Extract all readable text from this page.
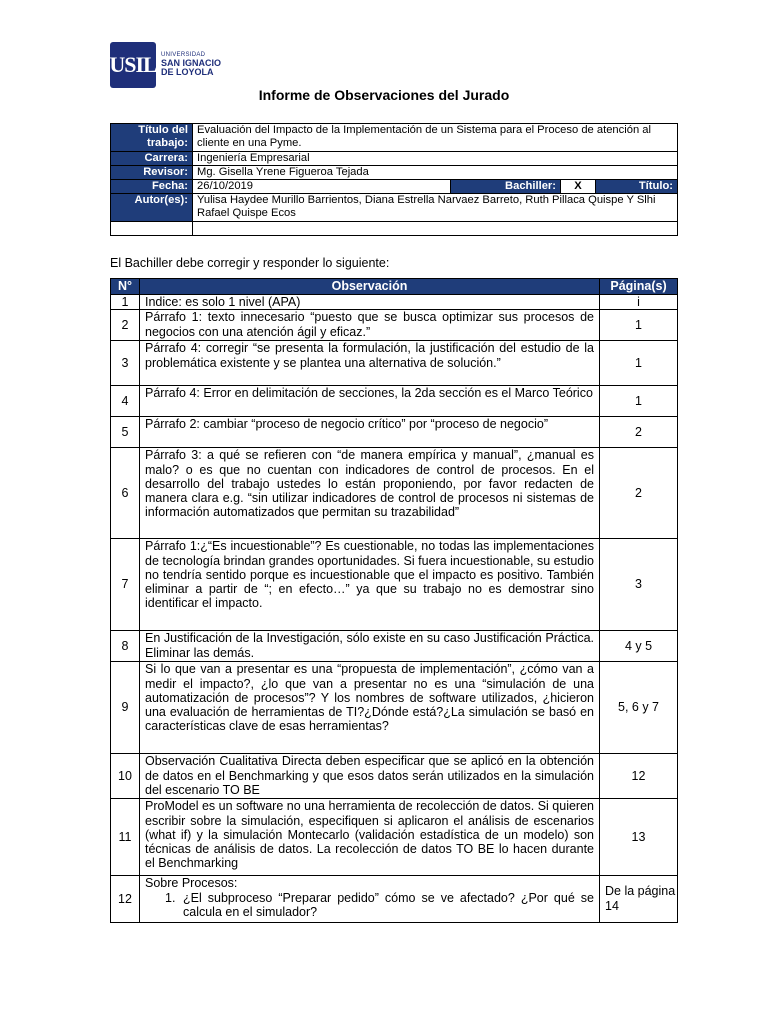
USIL UNIVERSIDAD
SAN IGNACIO
DE LOYOLA
Informe de Observaciones del Jurado
Título del trabajo:	Evaluación del Impacto de la Implementación de un Sistema para el Proceso de atención al cliente en una Pyme.			
Carrera:	Ingeniería Empresarial			
Revisor:	Mg. Gisella Yrene Figueroa Tejada			
Fecha:	26/10/2019	Bachiller:	X	Título:
Autor(es):	Yulisa Haydee Murillo Barrientos, Diana Estrella Narvaez Barreto, Ruth Pillaca Quispe Y Slhi Rafael Quispe Ecos			

El Bachiller debe corregir y responder lo siguiente:
N°	Observación	Página(s)
1	Indice: es solo 1 nivel (APA)	i
2	Párrafo 1: texto innecesario “puesto que se busca optimizar sus procesos de negocios con una atención ágil y eficaz.”	1
3	Párrafo 4: corregir “se presenta la formulación, la justificación del estudio de la problemática existente y se plantea una alternativa de solución.”	1
4	Párrafo 4: Error en delimitación de secciones, la 2da sección es el Marco Teórico	1
5	Párrafo 2: cambiar “proceso de negocio crítico” por “proceso de negocio”	2
6	Párrafo 3: a qué se refieren con “de manera empírica y manual”, ¿manual es malo? o es que no cuentan con indicadores de control de procesos. En el desarrollo del trabajo ustedes lo están proponiendo, por favor redacten de manera clara e.g. “sin utilizar indicadores de control de procesos ni sistemas de información automatizados que permitan su trazabilidad”	2
7	Párrafo 1:¿“Es incuestionable”? Es cuestionable, no todas las implementaciones de tecnología brindan grandes oportunidades. Si fuera incuestionable, su estudio no tendría sentido porque es incuestionable que el impacto es positivo. También eliminar a partir de “; en efecto…” ya que su trabajo no es demostrar sino identificar el impacto.	3
8	En Justificación de la Investigación, sólo existe en su caso Justificación Práctica. Eliminar las demás.	4 y 5
9	Si lo que van a presentar es una “propuesta de implementación”, ¿cómo van a medir el impacto?, ¿lo que van a presentar no es una “simulación de una automatización de procesos”? Y los nombres de software utilizados, ¿hicieron una evaluación de herramientas de TI?¿Dónde está?¿La simulación se basó en características clave de esas herramientas?	5, 6 y 7
10	Observación Cualitativa Directa deben especificar que se aplicó en la obtención de datos en el Benchmarking y que esos datos serán utilizados en la simulación del escenario TO BE	12
11	ProModel es un software no una herramienta de recolección de datos. Si quieren escribir sobre la simulación, especifiquen si aplicaron el análisis de escenarios (what if) y la simulación Montecarlo (validación estadística de un modelo) son técnicas de análisis de datos. La recolección de datos TO BE lo hacen durante el Benchmarking	13
12	Sobre Procesos:
1. ¿El subproceso “Preparar pedido” cómo se ve afectado? ¿Por qué se calcula en el simulador?	De la página 14
